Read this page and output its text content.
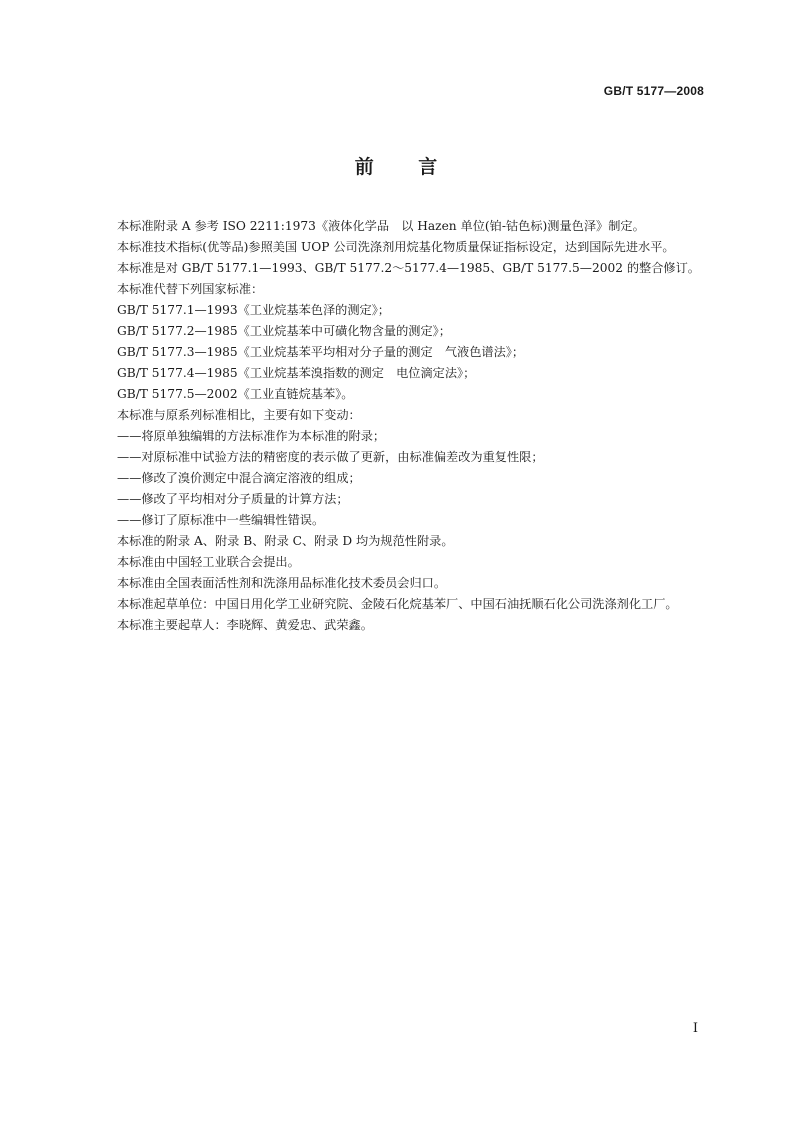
GB/T 5177—2008
前 言

本标准附录 A 参考 ISO 2211:1973《液体化学品　以 Hazen 单位(铂-钴色标)测量色泽》制定。

本标准技术指标(优等品)参照美国 UOP 公司洗涤剂用烷基化物质量保证指标设定，达到国际先进水平。

本标准是对 GB/T 5177.1—1993、GB/T 5177.2～5177.4—1985、GB/T 5177.5—2002 的整合修订。

本标准代替下列国家标准：

GB/T 5177.1—1993《工业烷基苯色泽的测定》；

GB/T 5177.2—1985《工业烷基苯中可磺化物含量的测定》；

GB/T 5177.3—1985《工业烷基苯平均相对分子量的测定　气液色谱法》；

GB/T 5177.4—1985《工业烷基苯溴指数的测定　电位滴定法》；

GB/T 5177.5—2002《工业直链烷基苯》。

本标准与原系列标准相比，主要有如下变动：

——将原单独编辑的方法标准作为本标准的附录；

——对原标准中试验方法的精密度的表示做了更新，由标准偏差改为重复性限；

——修改了溴价测定中混合滴定溶液的组成；

——修改了平均相对分子质量的计算方法；

——修订了原标准中一些编辑性错误。

本标准的附录 A、附录 B、附录 C、附录 D 均为规范性附录。

本标准由中国轻工业联合会提出。

本标准由全国表面活性剂和洗涤用品标准化技术委员会归口。

本标准起草单位：中国日用化学工业研究院、金陵石化烷基苯厂、中国石油抚顺石化公司洗涤剂化工厂。

本标准主要起草人：李晓辉、黄爱忠、武荣鑫。

I
